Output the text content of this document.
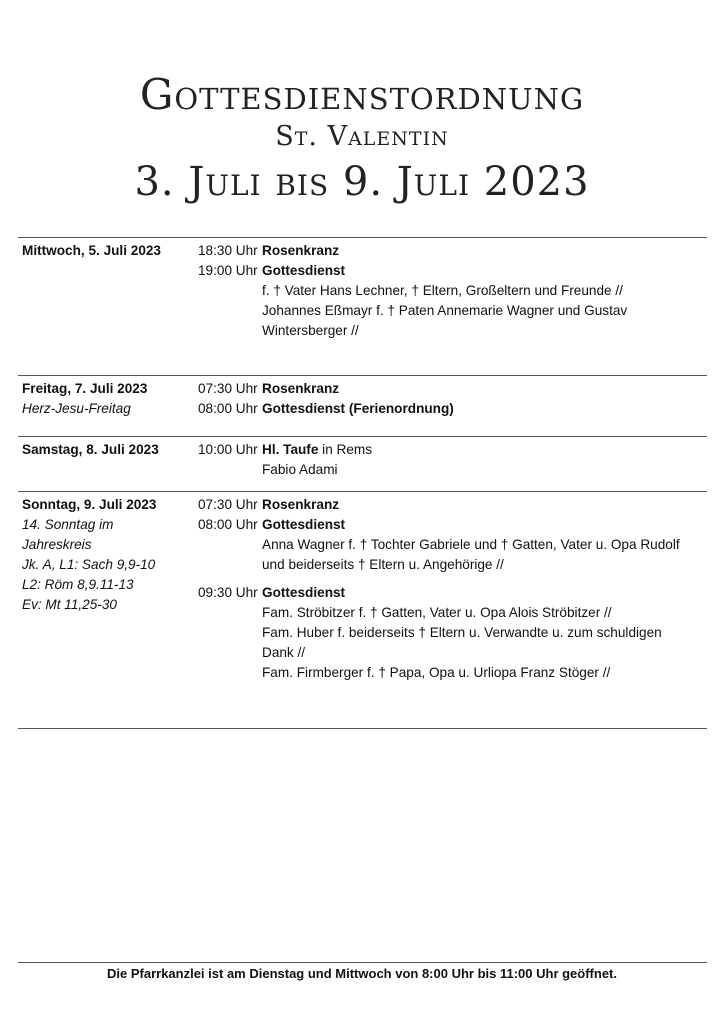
Gottesdienstordnung
St. Valentin
3. Juli bis 9. Juli 2023
Mittwoch, 5. Juli 2023	18:30 Uhr Rosenkranz
19:00 Uhr Gottesdienst
f. † Vater Hans Lechner, † Eltern, Großeltern und Freunde //
Johannes Eßmayr f. † Paten Annemarie Wagner und Gustav
Wintersberger //
Freitag, 7. Juli 2023
Herz-Jesu-Freitag
07:30 Uhr Rosenkranz
08:00 Uhr Gottesdienst (Ferienordnung)
Samstag, 8. Juli 2023	10:00 Uhr Hl. Taufe in Rems
Fabio Adami
Sonntag, 9. Juli 2023
14. Sonntag im
Jahreskreis
Jk. A, L1: Sach 9,9-10
L2: Röm 8,9.11-13
Ev: Mt 11,25-30
07:30 Uhr Rosenkranz
08:00 Uhr Gottesdienst
Anna Wagner f. † Tochter Gabriele und † Gatten, Vater u. Opa Rudolf
und beiderseits † Eltern u. Angehörige //
09:30 Uhr Gottesdienst
Fam. Ströbitzer f. † Gatten, Vater u. Opa Alois Ströbitzer //
Fam. Huber f. beiderseits † Eltern u. Verwandte u. zum schuldigen
Dank //
Fam. Firmberger f. † Papa, Opa u. Urliopa Franz Stöger //
Die Pfarrkanzlei ist am Dienstag und Mittwoch von 8:00 Uhr bis 11:00 Uhr geöffnet.
